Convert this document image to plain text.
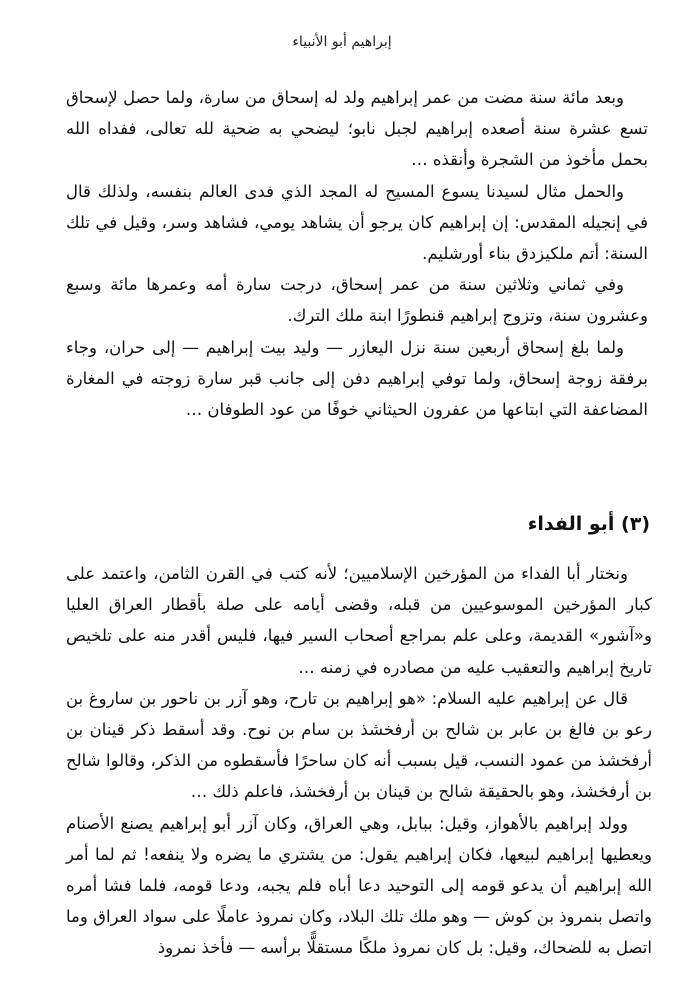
إبراهيم أبو الأنبياء

وبعد مائة سنة مضت من عمر إبراهيم ولد له إسحاق من سارة، ولما حصل لإسحاق تسع عشرة سنة أصعده إبراهيم لجبل نابو؛ ليضحي به ضحية لله تعالى، ففداه الله بحمل مأخوذ من الشجرة وأنقذه …

والحمل مثال لسيدنا يسوع المسيح له المجد الذي فدى العالم بنفسه، ولذلك قال في إنجيله المقدس: إن إبراهيم كان يرجو أن يشاهد يومي، فشاهد وسر، وقيل في تلك السنة: أتم ملكيزدق بناء أورشليم.

وفي ثماني وثلاثين سنة من عمر إسحاق، درجت سارة أمه وعمرها مائة وسبع وعشرون سنة، وتزوج إبراهيم قنطورًا ابنة ملك الترك.

ولما بلغ إسحاق أربعين سنة نزل اليعازر — وليد بيت إبراهيم — إلى حران، وجاء برفقة زوجة إسحاق، ولما توفي إبراهيم دفن إلى جانب قبر سارة زوجته في المغارة المضاعفة التي ابتاعها من عفرون الحيثاني خوفًا من عود الطوفان …

(٣) أبو الفداء

ونختار أبا الفداء من المؤرخين الإسلاميين؛ لأنه كتب في القرن الثامن، واعتمد على كبار المؤرخين الموسوعيين من قبله، وقضى أيامه على صلة بأقطار العراق العليا و«آشور» القديمة، وعلى علم بمراجع أصحاب السير فيها، فليس أقدر منه على تلخيص تاريخ إبراهيم والتعقيب عليه من مصادره في زمنه …

قال عن إبراهيم عليه السلام: «هو إبراهيم بن تارح، وهو آزر بن ناحور بن ساروغ بن رعو بن فالغ بن عابر بن شالح بن أرفخشذ بن سام بن نوح. وقد أسقط ذكر قينان بن أرفخشذ من عمود النسب، قيل بسبب أنه كان ساحرًا فأسقطوه من الذكر، وقالوا شالح بن أرفخشذ، وهو بالحقيقة شالح بن قينان بن أرفخشذ، فاعلم ذلك …

وولد إبراهيم بالأهواز، وقيل: ببابل، وهي العراق، وكان آزر أبو إبراهيم يصنع الأصنام ويعطيها إبراهيم لبيعها، فكان إبراهيم يقول: من يشتري ما يضره ولا ينفعه! ثم لما أمر الله إبراهيم أن يدعو قومه إلى التوحيد دعا أباه فلم يجبه، ودعا قومه، فلما فشا أمره واتصل بنمروذ بن كوش — وهو ملك تلك البلاد، وكان نمروذ عاملًا على سواد العراق وما اتصل به للضحاك، وقيل: بل كان نمروذ ملكًا مستقلًّا برأسه — فأخذ نمروذ
